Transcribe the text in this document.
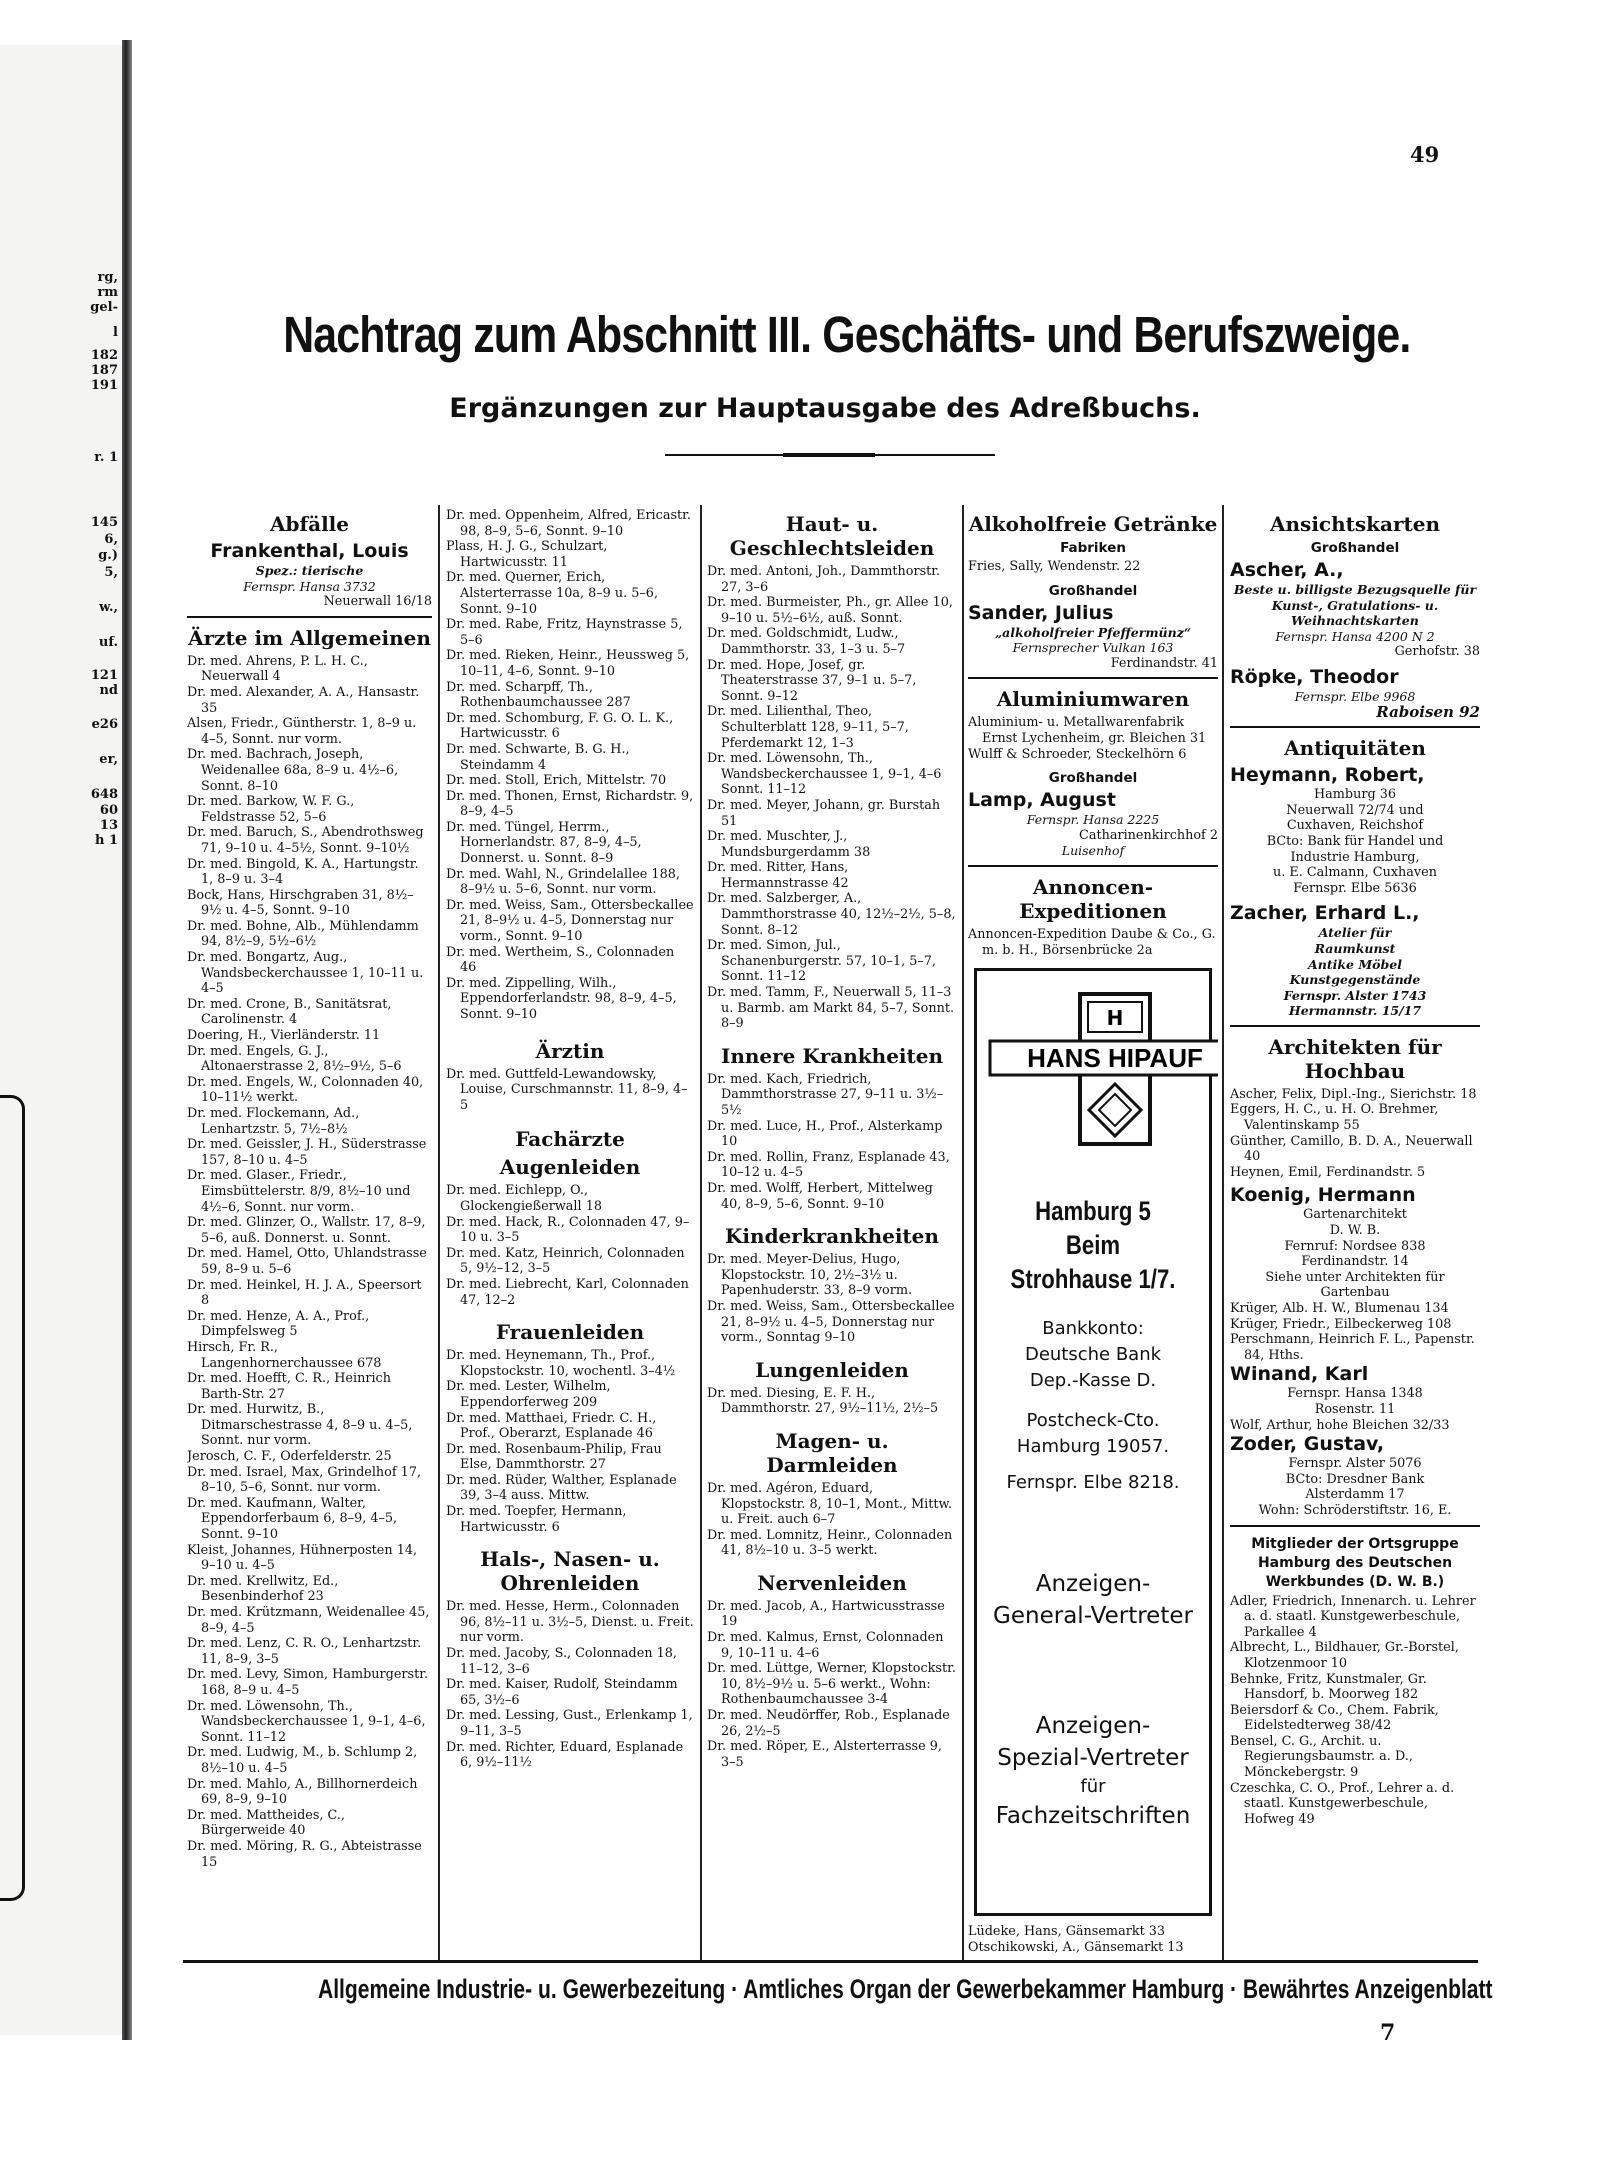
rg,
rm
gel-
l
182
187
191
r. 1
145
6,
g.)
5,
w.,
uf.
121
nd
e26
er,
648
60
13
h 1
49
Nachtrag zum Abschnitt III. Geschäfts- und Berufszweige.
Ergänzungen zur Hauptausgabe des Adreßbuchs.
Abfälle
Frankenthal, Louis
Spez.: tierische
Fernspr. Hansa 3732
Neuerwall 16/18
Ärzte im Allgemeinen
Dr. med. Ahrens, P. L. H. C., Neuerwall 4
Dr. med. Alexander, A. A., Hansastr. 35
Alsen, Friedr., Güntherstr. 1, 8–9 u. 4–5, Sonnt. nur vorm.
Dr. med. Bachrach, Joseph, Weidenallee 68a, 8–9 u. 4½–6, Sonnt. 8–10
Dr. med. Barkow, W. F. G., Feldstrasse 52, 5–6
Dr. med. Baruch, S., Abendrothsweg 71, 9–10 u. 4–5½, Sonnt. 9–10½
Dr. med. Bingold, K. A., Hartungstr. 1, 8–9 u. 3–4
Bock, Hans, Hirschgraben 31, 8½–9½ u. 4–5, Sonnt. 9–10
Dr. med. Bohne, Alb., Mühlendamm 94, 8½–9, 5½–6½
Dr. med. Bongartz, Aug., Wandsbeckerchaussee 1, 10–11 u. 4–5
Dr. med. Crone, B., Sanitätsrat, Carolinenstr. 4
Doering, H., Vierländerstr. 11
Dr. med. Engels, G. J., Altonaerstrasse 2, 8½–9½, 5–6
Dr. med. Engels, W., Colonnaden 40, 10–11½ werkt.
Dr. med. Flockemann, Ad., Lenhartzstr. 5, 7½–8½
Dr. med. Geissler, J. H., Süderstrasse 157, 8–10 u. 4–5
Dr. med. Glaser., Friedr., Eimsbüttelerstr. 8/9, 8½–10 und 4½–6, Sonnt. nur vorm.
Dr. med. Glinzer, O., Wallstr. 17, 8–9, 5–6, auß. Donnerst. u. Sonnt.
Dr. med. Hamel, Otto, Uhlandstrasse 59, 8–9 u. 5–6
Dr. med. Heinkel, H. J. A., Speersort 8
Dr. med. Henze, A. A., Prof., Dimpfelsweg 5
Hirsch, Fr. R., Langenhornerchaussee 678
Dr. med. Hoefft, C. R., Heinrich Barth-Str. 27
Dr. med. Hurwitz, B., Ditmarschestrasse 4, 8–9 u. 4–5, Sonnt. nur vorm.
Jerosch, C. F., Oderfelderstr. 25
Dr. med. Israel, Max, Grindelhof 17, 8–10, 5–6, Sonnt. nur vorm.
Dr. med. Kaufmann, Walter, Eppendorferbaum 6, 8–9, 4–5, Sonnt. 9–10
Kleist, Johannes, Hühnerposten 14, 9–10 u. 4–5
Dr. med. Krellwitz, Ed., Besenbinderhof 23
Dr. med. Krützmann, Weidenallee 45, 8–9, 4–5
Dr. med. Lenz, C. R. O., Lenhartzstr. 11, 8–9, 3–5
Dr. med. Levy, Simon, Hamburgerstr. 168, 8–9 u. 4–5
Dr. med. Löwensohn, Th., Wandsbeckerchaussee 1, 9–1, 4–6, Sonnt. 11–12
Dr. med. Ludwig, M., b. Schlump 2, 8½–10 u. 4–5
Dr. med. Mahlo, A., Billhornerdeich 69, 8–9, 9–10
Dr. med. Mattheides, C., Bürgerweide 40
Dr. med. Möring, R. G., Abteistrasse 15
Dr. med. Oppenheim, Alfred, Ericastr. 98, 8–9, 5–6, Sonnt. 9–10
Plass, H. J. G., Schulzart, Hartwicusstr. 11
Dr. med. Querner, Erich, Alsterterrasse 10a, 8–9 u. 5–6, Sonnt. 9–10
Dr. med. Rabe, Fritz, Haynstrasse 5, 5–6
Dr. med. Rieken, Heinr., Heussweg 5, 10–11, 4–6, Sonnt. 9–10
Dr. med. Scharpff, Th., Rothenbaumchaussee 287
Dr. med. Schomburg, F. G. O. L. K., Hartwicusstr. 6
Dr. med. Schwarte, B. G. H., Steindamm 4
Dr. med. Stoll, Erich, Mittelstr. 70
Dr. med. Thonen, Ernst, Richardstr. 9, 8–9, 4–5
Dr. med. Tüngel, Herrm., Hornerlandstr. 87, 8–9, 4–5, Donnerst. u. Sonnt. 8–9
Dr. med. Wahl, N., Grindelallee 188, 8–9½ u. 5–6, Sonnt. nur vorm.
Dr. med. Weiss, Sam., Ottersbeckallee 21, 8–9½ u. 4–5, Donnerstag nur vorm., Sonnt. 9–10
Dr. med. Wertheim, S., Colonnaden 46
Dr. med. Zippelling, Wilh., Eppendorferlandstr. 98, 8–9, 4–5, Sonnt. 9–10
Ärztin
Dr. med. Guttfeld-Lewandowsky, Louise, Curschmannstr. 11, 8–9, 4–5
Fachärzte
Augenleiden
Dr. med. Eichlepp, O., Glockengießerwall 18
Dr. med. Hack, R., Colonnaden 47, 9–10 u. 3–5
Dr. med. Katz, Heinrich, Colonnaden 5, 9½–12, 3–5
Dr. med. Liebrecht, Karl, Colonnaden 47, 12–2
Frauenleiden
Dr. med. Heynemann, Th., Prof., Klopstockstr. 10, wochentl. 3–4½
Dr. med. Lester, Wilhelm, Eppendorferweg 209
Dr. med. Matthaei, Friedr. C. H., Prof., Oberarzt, Esplanade 46
Dr. med. Rosenbaum-Philip, Frau Else, Dammthorstr. 27
Dr. med. Rüder, Walther, Esplanade 39, 3–4 auss. Mittw.
Dr. med. Toepfer, Hermann, Hartwicusstr. 6
Hals-, Nasen- u. Ohrenleiden
Dr. med. Hesse, Herm., Colonnaden 96, 8½–11 u. 3½–5, Dienst. u. Freit. nur vorm.
Dr. med. Jacoby, S., Colonnaden 18, 11–12, 3–6
Dr. med. Kaiser, Rudolf, Steindamm 65, 3½–6
Dr. med. Lessing, Gust., Erlenkamp 1, 9–11, 3–5
Dr. med. Richter, Eduard, Esplanade 6, 9½–11½
Haut- u. Geschlechtsleiden
Dr. med. Antoni, Joh., Dammthorstr. 27, 3–6
Dr. med. Burmeister, Ph., gr. Allee 10, 9–10 u. 5½–6½, auß. Sonnt.
Dr. med. Goldschmidt, Ludw., Dammthorstr. 33, 1–3 u. 5–7
Dr. med. Hope, Josef, gr. Theaterstrasse 37, 9–1 u. 5–7, Sonnt. 9–12
Dr. med. Lilienthal, Theo, Schulterblatt 128, 9–11, 5–7, Pferdemarkt 12, 1–3
Dr. med. Löwensohn, Th., Wandsbeckerchaussee 1, 9–1, 4–6 Sonnt. 11–12
Dr. med. Meyer, Johann, gr. Burstah 51
Dr. med. Muschter, J., Mundsburgerdamm 38
Dr. med. Ritter, Hans, Hermannstrasse 42
Dr. med. Salzberger, A., Dammthorstrasse 40, 12½–2½, 5–8, Sonnt. 8–12
Dr. med. Simon, Jul., Schanenburgerstr. 57, 10–1, 5–7, Sonnt. 11–12
Dr. med. Tamm, F., Neuerwall 5, 11–3 u. Barmb. am Markt 84, 5–7, Sonnt. 8–9
Innere Krankheiten
Dr. med. Kach, Friedrich, Dammthorstrasse 27, 9–11 u. 3½–5½
Dr. med. Luce, H., Prof., Alsterkamp 10
Dr. med. Rollin, Franz, Esplanade 43, 10–12 u. 4–5
Dr. med. Wolff, Herbert, Mittelweg 40, 8–9, 5–6, Sonnt. 9–10
Kinderkrankheiten
Dr. med. Meyer-Delius, Hugo, Klopstockstr. 10, 2½–3½ u. Papenhuderstr. 33, 8–9 vorm.
Dr. med. Weiss, Sam., Ottersbeckallee 21, 8–9½ u. 4–5, Donnerstag nur vorm., Sonntag 9–10
Lungenleiden
Dr. med. Diesing, E. F. H., Dammthorstr. 27, 9½–11½, 2½–5
Magen- u. Darmleiden
Dr. med. Agéron, Eduard, Klopstockstr. 8, 10–1, Mont., Mittw. u. Freit. auch 6–7
Dr. med. Lomnitz, Heinr., Colonnaden 41, 8½–10 u. 3–5 werkt.
Nervenleiden
Dr. med. Jacob, A., Hartwicusstrasse 19
Dr. med. Kalmus, Ernst, Colonnaden 9, 10–11 u. 4–6
Dr. med. Lüttge, Werner, Klopstockstr. 10, 8½–9½ u. 5–6 werkt., Wohn: Rothenbaumchaussee 3-4
Dr. med. Neudörffer, Rob., Esplanade 26, 2½–5
Dr. med. Röper, E., Alsterterrasse 9, 3–5
Alkoholfreie Getränke
Fabriken
Fries, Sally, Wendenstr. 22
Großhandel
Sander, Julius
„alkoholfreier Pfeffermünz“
Fernsprecher Vulkan 163
Ferdinandstr. 41
Aluminiumwaren
Aluminium- u. Metallwarenfabrik Ernst Lychenheim, gr. Bleichen 31
Wulff & Schroeder, Steckelhörn 6
Großhandel
Lamp, August
Fernspr. Hansa 2225
Catharinenkirchhof 2
Luisenhof
Annoncen-Expeditionen
Annoncen-Expedition Daube & Co., G. m. b. H., Börsenbrücke 2a
H
HANS HIPAUF
Hamburg 5
Beim Strohhause 1/7.
Bankkonto:
Deutsche Bank
Dep.-Kasse D.
Postcheck-Cto.
Hamburg 19057.
Fernspr. Elbe 8218.
Anzeigen-
General-Vertreter
Anzeigen-
Spezial-Vertreter
für
Fachzeitschriften
Lüdeke, Hans, Gänsemarkt 33
Otschikowski, A., Gänsemarkt 13
Ansichtskarten
Großhandel
Ascher, A.,
Beste u. billigste Bezugsquelle für Kunst-, Gratulations- u. Weihnachtskarten
Fernspr. Hansa 4200 N 2
Gerhofstr. 38
Röpke, Theodor
Fernspr. Elbe 9968
Raboisen 92
Antiquitäten
Heymann, Robert,
Hamburg 36
Neuerwall 72/74 und
Cuxhaven, Reichshof
BCto: Bank für Handel und
Industrie Hamburg,
u. E. Calmann, Cuxhaven
Fernspr. Elbe 5636
Zacher, Erhard L.,
Atelier für
Raumkunst
Antike Möbel
Kunstgegenstände
Fernspr. Alster 1743
Hermannstr. 15/17
Architekten für Hochbau
Ascher, Felix, Dipl.-Ing., Sierichstr. 18
Eggers, H. C., u. H. O. Brehmer, Valentinskamp 55
Günther, Camillo, B. D. A., Neuerwall 40
Heynen, Emil, Ferdinandstr. 5
Koenig, Hermann
Gartenarchitekt
D. W. B.
Fernruf: Nordsee 838
Ferdinandstr. 14
Siehe unter Architekten für Gartenbau
Krüger, Alb. H. W., Blumenau 134
Krüger, Friedr., Eilbeckerweg 108
Perschmann, Heinrich F. L., Papenstr. 84, Hths.
Winand, Karl
Fernspr. Hansa 1348
Rosenstr. 11
Wolf, Arthur, hohe Bleichen 32/33
Zoder, Gustav,
Fernspr. Alster 5076
BCto: Dresdner Bank
Alsterdamm 17
Wohn: Schröderstiftstr. 16, E.
Mitglieder der Ortsgruppe Hamburg des Deutschen Werkbundes (D. W. B.)
Adler, Friedrich, Innenarch. u. Lehrer a. d. staatl. Kunstgewerbeschule, Parkallee 4
Albrecht, L., Bildhauer, Gr.-Borstel, Klotzenmoor 10
Behnke, Fritz, Kunstmaler, Gr. Hansdorf, b. Moorweg 182
Beiersdorf & Co., Chem. Fabrik, Eidelstedterweg 38/42
Bensel, C. G., Archit. u. Regierungsbaumstr. a. D., Mönckebergstr. 9
Czeschka, C. O., Prof., Lehrer a. d. staatl. Kunstgewerbeschule, Hofweg 49
Allgemeine Industrie- u. Gewerbezeitung · Amtliches Organ der Gewerbekammer Hamburg · Bewährtes Anzeigenblatt
7
